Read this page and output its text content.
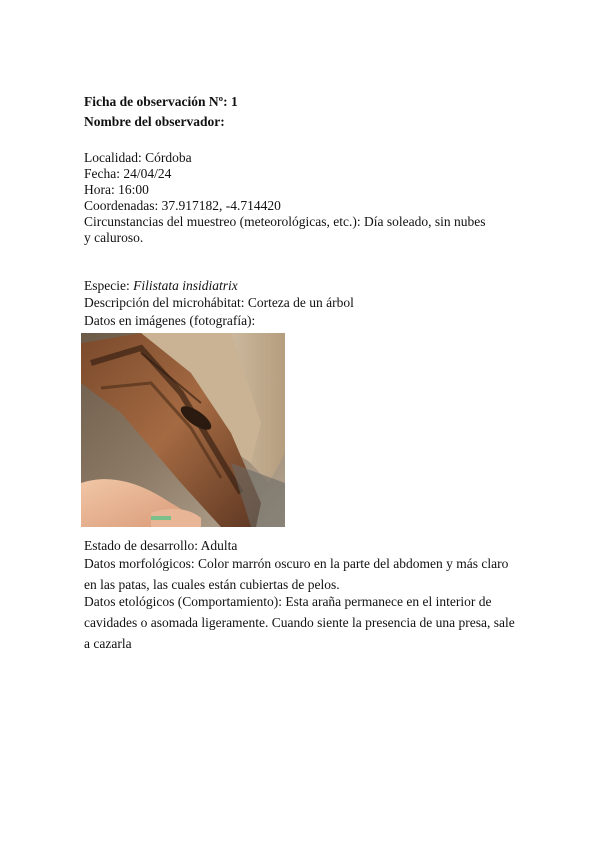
Ficha de observación Nº: 1
Nombre del observador:
Localidad: Córdoba
Fecha: 24/04/24
Hora: 16:00
Coordenadas: 37.917182, -4.714420
Circunstancias del muestreo (meteorológicas, etc.): Día soleado, sin nubes
y caluroso.
Especie: Filistata insidiatrix
Descripción del microhábitat: Corteza de un árbol
Datos en imágenes (fotografía):
Estado de desarrollo: Adulta
Datos morfológicos: Color marrón oscuro en la parte del abdomen y más claro en las patas, las cuales están cubiertas de pelos.
Datos etológicos (Comportamiento): Esta araña permanece en el interior de cavidades o asomada ligeramente. Cuando siente la presencia de una presa, sale a cazarla
